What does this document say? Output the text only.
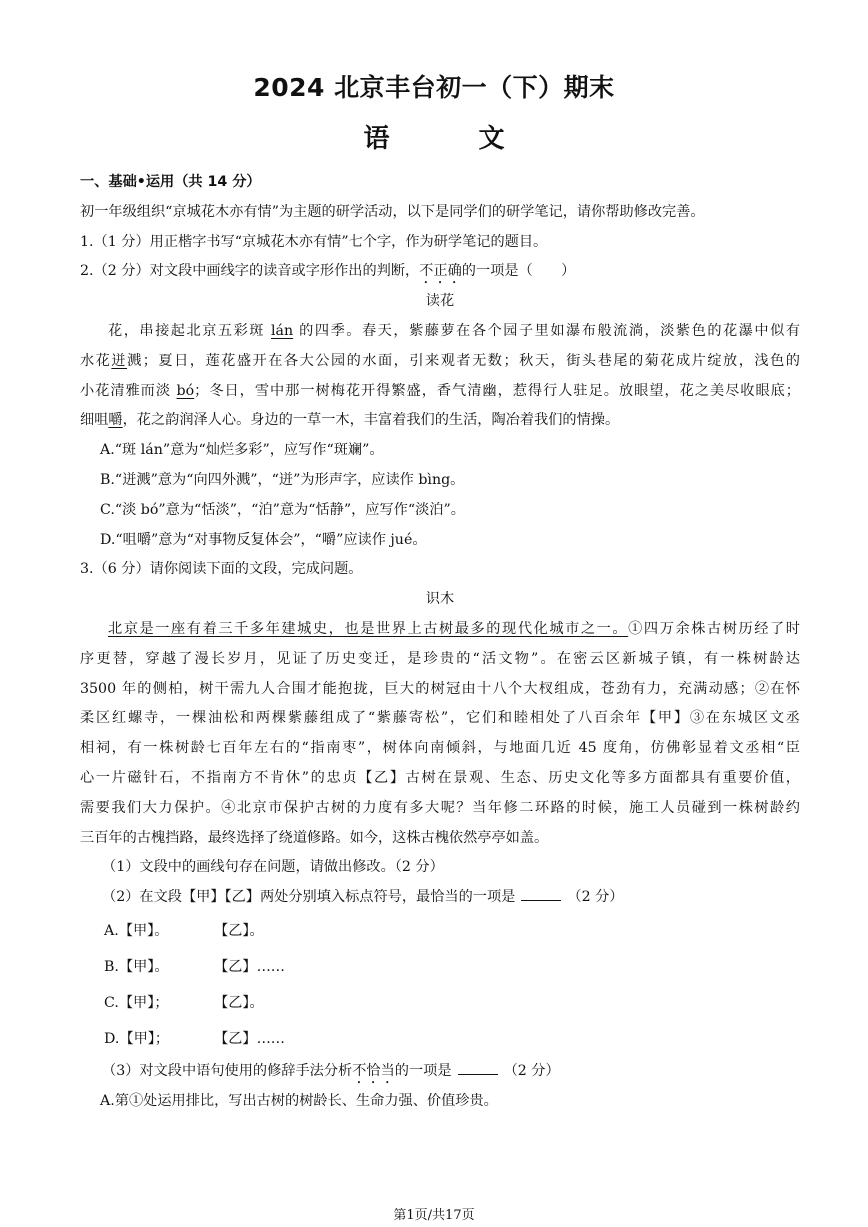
2024 北京丰台初一（下）期末
语 文
一、基础•运用（共 14 分）
初一年级组织“京城花木亦有情”为主题的研学活动，以下是同学们的研学笔记，请你帮助修改完善。
1.（1 分）用正楷字书写“京城花木亦有情”七个字，作为研学笔记的题目。
2.（2 分）对文段中画线字的读音或字形作出的判断，不正确的一项是（　　）
读花
花，串接起北京五彩斑 lán 的四季。春天，紫藤萝在各个园子里如瀑布般流淌，淡紫色的花瀑中似有
水花迸溅；夏日，莲花盛开在各大公园的水面，引来观者无数；秋天，街头巷尾的菊花成片绽放，浅色的
小花清雅而淡 bó；冬日，雪中那一树梅花开得繁盛，香气清幽，惹得行人驻足。放眼望，花之美尽收眼底；
细咀嚼，花之韵润泽人心。身边的一草一木，丰富着我们的生活，陶冶着我们的情操。
A.“斑 lán”意为“灿烂多彩”，应写作“斑斓”。
B.“迸溅”意为“向四外溅”，“迸”为形声字，应读作 bìng。
C.“淡 bó”意为“恬淡”，“泊”意为“恬静”，应写作“淡泊”。
D.“咀嚼”意为“对事物反复体会”，“嚼”应读作 jué。
3.（6 分）请你阅读下面的文段，完成问题。
识木
北京是一座有着三千多年建城史，也是世界上古树最多的现代化城市之一。①四万余株古树历经了时
序更替，穿越了漫长岁月，见证了历史变迁，是珍贵的“活文物”。在密云区新城子镇，有一株树龄达
3500 年的侧柏，树干需九人合围才能抱拢，巨大的树冠由十八个大杈组成，苍劲有力，充满动感；②在怀
柔区红螺寺，一棵油松和两棵紫藤组成了“紫藤寄松”，它们和睦相处了八百余年【甲】③在东城区文丞
相祠，有一株树龄七百年左右的“指南枣”，树体向南倾斜，与地面几近 45 度角，仿佛彰显着文丞相“臣
心一片磁针石，不指南方不肯休”的忠贞【乙】古树在景观、生态、历史文化等多方面都具有重要价值，
需要我们大力保护。④北京市保护古树的力度有多大呢？当年修二环路的时候，施工人员碰到一株树龄约
三百年的古槐挡路，最终选择了绕道修路。如今，这株古槐依然亭亭如盖。
（1）文段中的画线句存在问题，请做出修改。（2 分）
（2）在文段【甲】【乙】两处分别填入标点符号，最恰当的一项是	（2 分）
A.【甲】。	【乙】。
B.【甲】。	【乙】……
C.【甲】；	【乙】。
D.【甲】；	【乙】……
（3）对文段中语句使用的修辞手法分析不恰当的一项是	（2 分）
A.第①处运用排比，写出古树的树龄长、生命力强、价值珍贵。
第1页/共17页
